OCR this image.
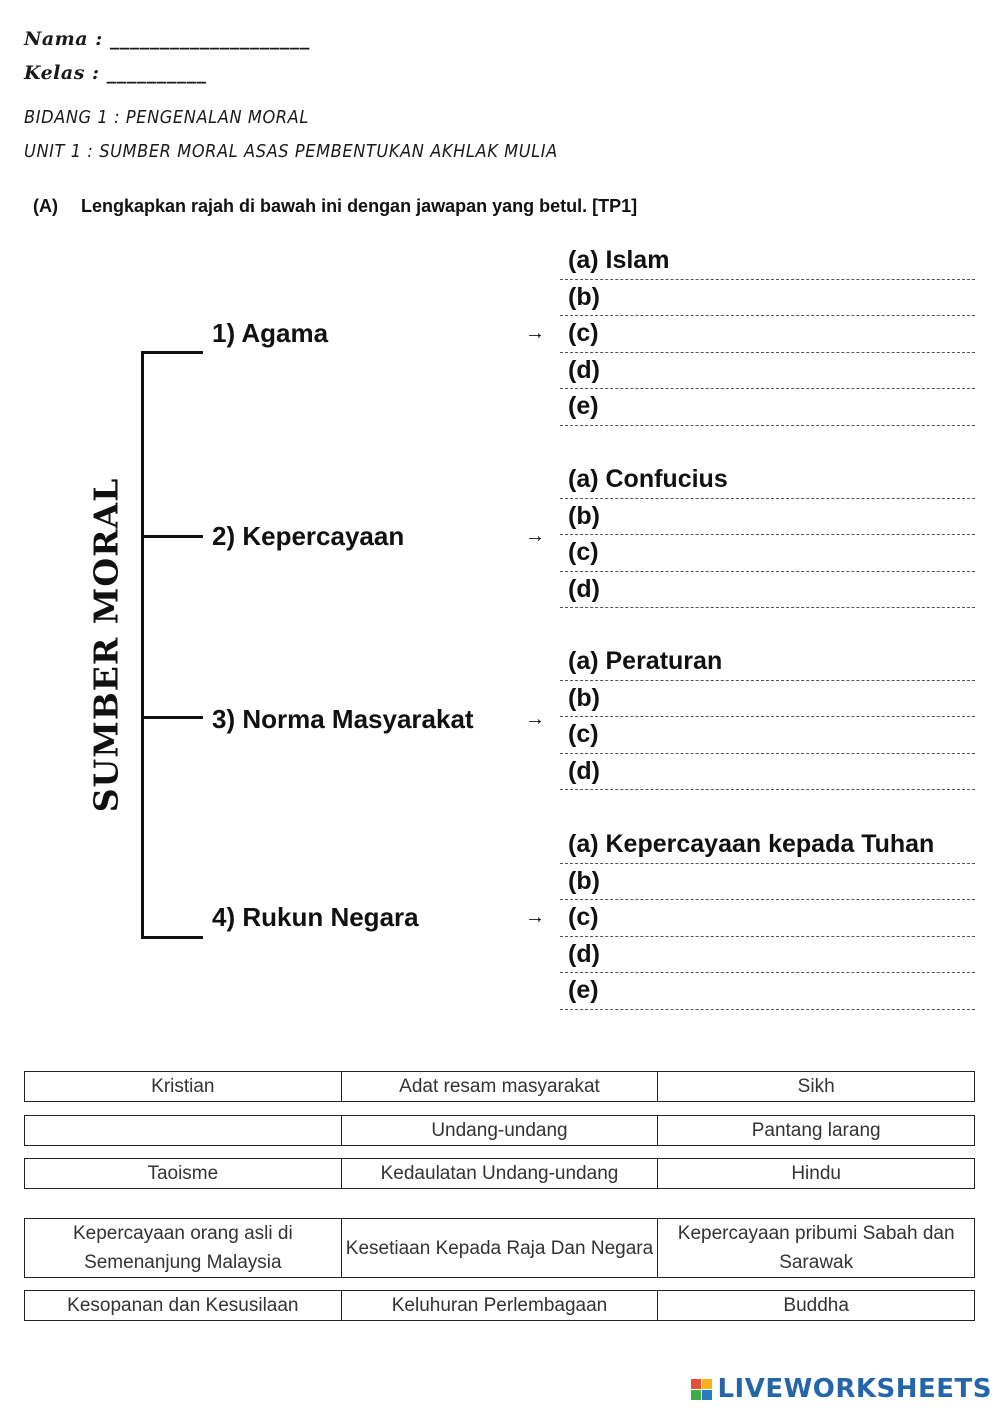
Nama : ____________________
Kelas : __________
BIDANG 1 : PENGENALAN MORAL
UNIT 1 : SUMBER MORAL ASAS PEMBENTUKAN AKHLAK MULIA
(A) Lengkapkan rajah di bawah ini dengan jawapan yang betul. [TP1]
SUMBER MORAL
1) Agama
2) Kepercayaan
3) Norma Masyarakat
4) Rukun Negara
→
→
→
→
(a) Islam
(b)
(c)
(d)
(e)
(a) Confucius
(b)
(c)
(d)
(a) Peraturan
(b)
(c)
(d)
(a) Kepercayaan kepada Tuhan
(b)
(c)
(d)
(e)
Kristian	Adat resam masyarakat	Sikh
	Undang-undang	Pantang larang
Taoisme	Kedaulatan Undang-undang	Hindu
Kepercayaan orang asli di Semenanjung Malaysia	Kesetiaan Kepada Raja Dan Negara	Kepercayaan pribumi Sabah dan Sarawak
Kesopanan dan Kesusilaan	Keluhuran Perlembagaan	Buddha
LIVEWORKSHEETS
